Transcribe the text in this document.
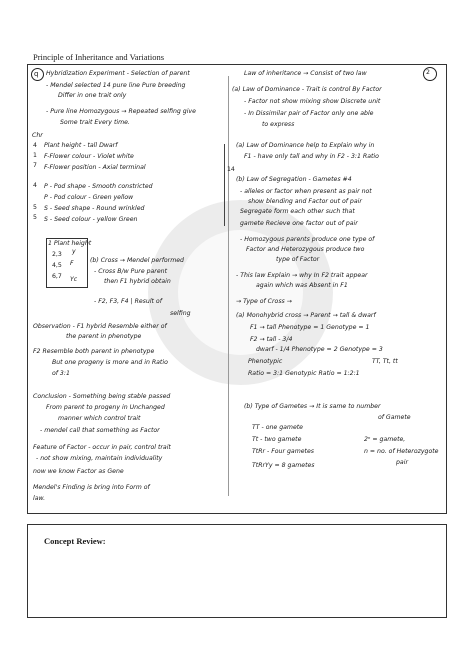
Principle of Inheritance and Variations
q Hybridization Experiment - Selection of parent
- Mendel selected 14 pure line Pure breeding
Differ in one trait only
- Pure line Homozygous → Repeated selfing give
Some trait Every time.
Chr
4
1
7
4
5
5
Plant height - tall Dwarf
F-Flower colour - Violet white
F-Flower position - Axial terminal
P - Pod shape - Smooth constricted
P - Pod colour - Green yellow
S - Seed shape - Round wrinkled
S - Seed colour - yellow Green
14
1 Plant height
2,3
4,5
6,7
y
F
Yc
(b) Cross → Mendel performed
- Cross B/w Pure parent
then F1 hybrid obtain
- F2, F3, F4 | Result of
selfing
Observation - F1 hybrid Resemble either of
the parent in phenotype
F2 Resemble both parent in phenotype
But one progeny is more and in Ratio
of 3:1
Conclusion - Something being stable passed
From parent to progeny in Unchanged
manner which control trait
- mendel call that something as Factor
Feature of Factor - occur in pair, control trait
- not show mixing, maintain individuality
now we know Factor as Gene
Mendel's Finding is bring into Form of
law.
Law of inheritance → Consist of two law	2
(a) Law of Dominance - Trait is control By Factor
- Factor not show mixing show Discrete unit
- In Dissimilar pair of Factor only one able
to express
(a) Law of Dominance help to Explain why in
F1 - have only tall and why in F2 - 3:1 Ratio
(b) Law of Segregation - Gametes #4
- alleles or factor when present as pair not
show blending and Factor out of pair
Segregate form each other such that
gamete Recieve one factor out of pair
- Homozygous parents produce one type of
Factor and Heterozygous produce two
type of Factor
- This law Explain → why In F2 trait appear
again which was Absent in F1
→ Type of Cross →
(a) Monohybrid cross → Parent → tall & dwarf
F1 → tall Phenotype = 1 Genotype = 1
F2 → tall - 3/4
dwarf - 1/4 Phenotype = 2 Genotype = 3
TT, Tt, tt
Phenotypic
Ratio = 3:1 Genotypic Ratio = 1:2:1
(b) Type of Gametes → It is same to number
of Gamete
TT - one gamete
Tt - two gamete
TtRr - Four gametes
TtRrYy = 8 gametes
2ⁿ = gamete,
n = no. of Heterozygote
pair
Concept Review:
